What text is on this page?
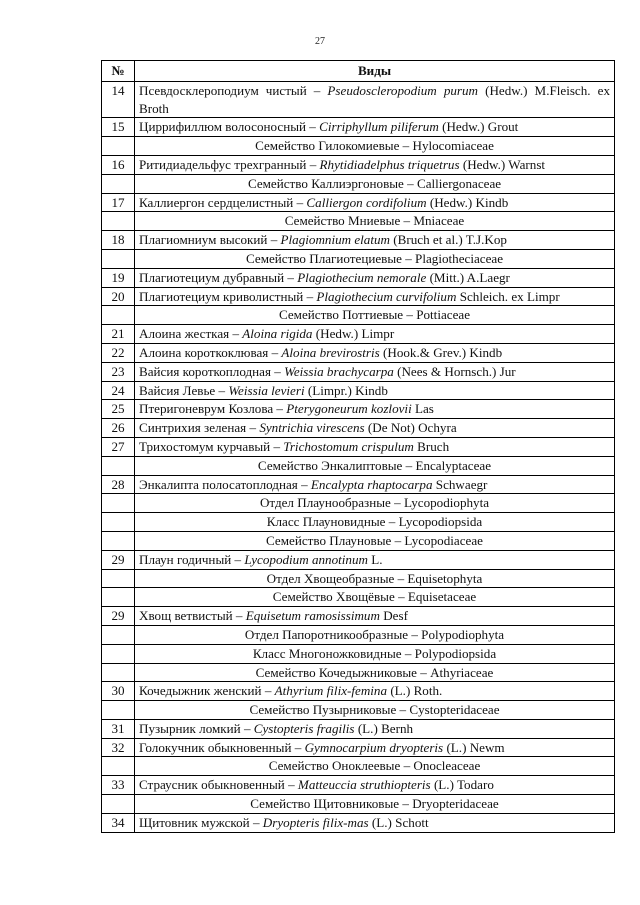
27
№	Виды
14	Псевдосклероподиум чистый – Pseudoscleropodium purum (Hedw.) M.Fleisch. ex Broth

15	Циррифиллюм волосоносный – Cirriphyllum piliferum (Hedw.) Grout

	Семейство Гилокомиевые – Hylocomiaceae
16	Ритидиадельфус трехгранный – Rhytidiadelphus triquetrus (Hedw.) Warnst

	Семейство Каллиэргоновые – Calliergonaceae
17	Каллиергон сердцелистный – Calliergon cordifolium (Hedw.) Kindb

	Семейство Мниевые – Mniaceae
18	Плагиомниум высокий – Plagiomnium elatum (Bruch et al.) T.J.Kop

	Семейство Плагиотециевые – Plagiotheciaceae
19	Плагиотециум дубравный – Plagiothecium nemorale (Mitt.) A.Laegr

20	Плагиотециум криволистный – Plagiothecium curvifolium Schleich. ex Limpr

	Семейство Поттиевые – Pottiaceae
21	Алоина жесткая – Aloina rigida (Hedw.) Limpr

22	Алоина короткоклювая – Aloina brevirostris (Hook.& Grev.) Kindb

23	Вайсия короткоплодная – Weissia brachycarpa (Nees & Hornsch.) Jur

24	Вайсия Левье – Weissia levieri (Limpr.) Kindb

25	Птеригоневрум Козлова – Pterygoneurum kozlovii Las

26	Синтрихия зеленая – Syntrichia virescens (De Not) Ochyra

27	Трихостомум курчавый – Trichostomum crispulum Bruch

	Семейство Энкалиптовые – Encalyptaceae
28	Энкалипта полосатоплодная – Encalypta rhaptocarpa Schwaegr

	Отдел Плаунообразные – Lycopodiophyta
	Класс Плауновидные – Lycopodiopsida
	Семейство Плауновые – Lycopodiaceae
29	Плаун годичный – Lycopodium annotinum L.

	Отдел Хвощеобразные – Equisetophyta
	Семейство Хвощёвые – Equisetaceae
29	Хвощ ветвистый – Equisetum ramosissimum Desf

	Отдел Папоротникообразные – Polypodiophyta
	Класс Многоножковидные – Polypodiopsida
	Семейство Кочедыжниковые – Athyriaceae
30	Кочедыжник женский – Athyrium filix-femina (L.) Roth.

	Семейство Пузырниковые – Cystopteridaceae
31	Пузырник ломкий – Cystopteris fragilis (L.) Bernh

32	Голокучник обыкновенный – Gymnocarpium dryopteris (L.) Newm

	Семейство Оноклеевые – Onocleaceae
33	Страусник обыкновенный – Matteuccia struthiopteris (L.) Todaro

	Семейство Щитовниковые – Dryopteridaceae
34	Щитовник мужской – Dryopteris filix-mas (L.) Schott
